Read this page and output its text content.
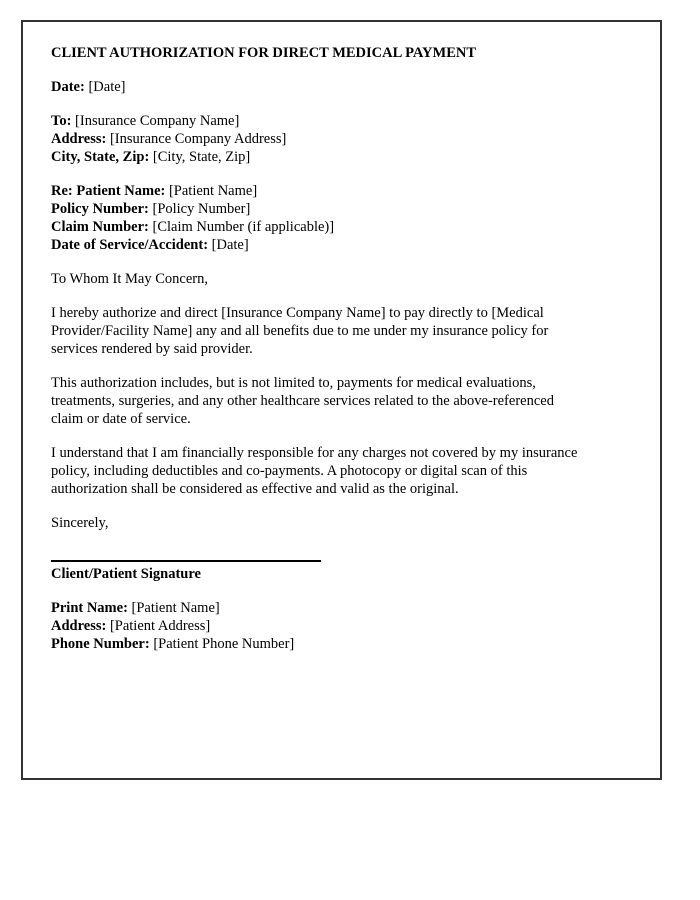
CLIENT AUTHORIZATION FOR DIRECT MEDICAL PAYMENT
Date: [Date]
To: [Insurance Company Name]
Address: [Insurance Company Address]
City, State, Zip: [City, State, Zip]
Re: Patient Name: [Patient Name]
Policy Number: [Policy Number]
Claim Number: [Claim Number (if applicable)]
Date of Service/Accident: [Date]
To Whom It May Concern,
I hereby authorize and direct [Insurance Company Name] to pay directly to [Medical
Provider/Facility Name] any and all benefits due to me under my insurance policy for
services rendered by said provider.
This authorization includes, but is not limited to, payments for medical evaluations,
treatments, surgeries, and any other healthcare services related to the above-referenced
claim or date of service.
I understand that I am financially responsible for any charges not covered by my insurance
policy, including deductibles and co-payments. A photocopy or digital scan of this
authorization shall be considered as effective and valid as the original.
Sincerely,
Client/Patient Signature
Print Name: [Patient Name]
Address: [Patient Address]
Phone Number: [Patient Phone Number]
